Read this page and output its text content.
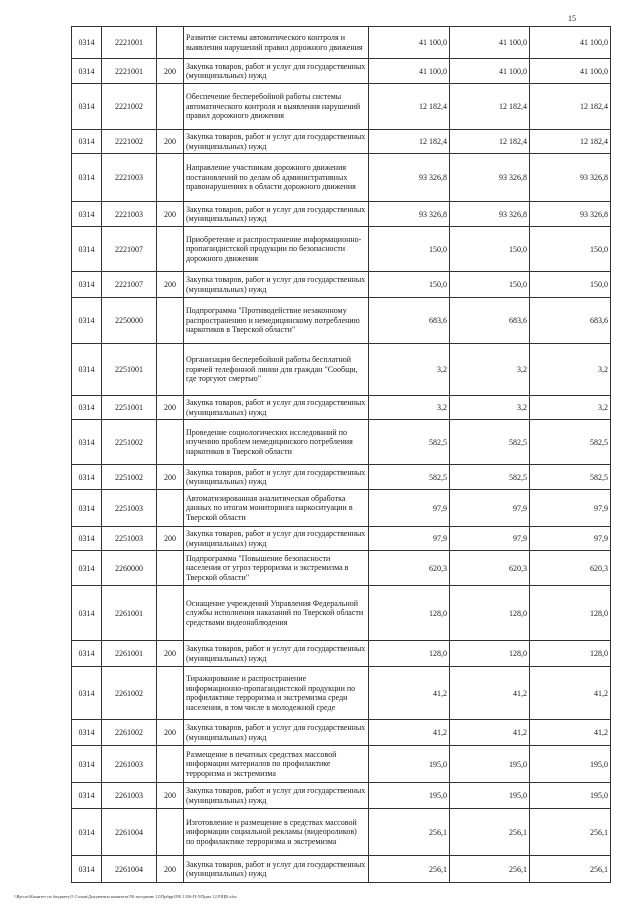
15
0314	2221001		Развитие системы автоматического контроля и выявления нарушений правил дорожного движения	41 100,0	41 100,0	41 100,0
0314	2221001	200	Закупка товаров, работ и услуг для государственных (муниципальных) нужд	41 100,0	41 100,0	41 100,0
0314	2221002		Обеспечение бесперебойной работы системы автоматического контроля и выявления нарушений правил дорожного движения	12 182,4	12 182,4	12 182,4
0314	2221002	200	Закупка товаров, работ и услуг для государственных (муниципальных) нужд	12 182,4	12 182,4	12 182,4
0314	2221003		Направление участникам дорожного движения постановлений по делам об административных правонарушениях в области дорожного движения	93 326,8	93 326,8	93 326,8
0314	2221003	200	Закупка товаров, работ и услуг для государственных (муниципальных) нужд	93 326,8	93 326,8	93 326,8
0314	2221007		Приобретение и распространение информационно-пропагандистской продукции по безопасности дорожного движения	150,0	150,0	150,0
0314	2221007	200	Закупка товаров, работ и услуг для государственных (муниципальных) нужд	150,0	150,0	150,0
0314	2250000		Подпрограмма "Противодействие незаконному распространению и немедицинскому потреблению наркотиков в Тверской области"	683,6	683,6	683,6
0314	2251001		Организация бесперебойной работы бесплатной горячей телефонной линии для граждан "Сообщи, где торгуют смертью"	3,2	3,2	3,2
0314	2251001	200	Закупка товаров, работ и услуг для государственных (муниципальных) нужд	3,2	3,2	3,2
0314	2251002		Проведение социологических исследований по изучению проблем немедицинского потребления наркотиков в Тверской области	582,5	582,5	582,5
0314	2251002	200	Закупка товаров, работ и услуг для государственных (муниципальных) нужд	582,5	582,5	582,5
0314	2251003		Автоматизированная аналитическая обработка данных по итогам мониторинга наркоситуации в Тверской области	97,9	97,9	97,9
0314	2251003	200	Закупка товаров, работ и услуг для государственных (муниципальных) нужд	97,9	97,9	97,9
0314	2260000		Подпрограмма "Повышение безопасности населения от угроз терроризма и экстремизма в Тверской области"	620,3	620,3	620,3
0314	2261001		Оснащение учреждений Управления Федеральной службы исполнения наказаний по Тверской области средствами видеонаблюдения	128,0	128,0	128,0
0314	2261001	200	Закупка товаров, работ и услуг для государственных (муниципальных) нужд	128,0	128,0	128,0
0314	2261002		Тиражирование и распространение информационно-пропагандистской продукции по профилактике терроризма и экстремизма среди населения, в том числе в молодежной среде	41,2	41,2	41,2
0314	2261002	200	Закупка товаров, работ и услуг для государственных (муниципальных) нужд	41,2	41,2	41,2
0314	2261003		Размещение в печатных средствах массовой информации материалов по профилактике терроризма и экстремизма	195,0	195,0	195,0
0314	2261003	200	Закупка товаров, работ и услуг для государственных (муниципальных) нужд	195,0	195,0	195,0
0314	2261004		Изготовление и размещение в средствах массовой информации социальной рекламы (видеороликов) по профилактике терроризма и экстремизма	256,1	256,1	256,1
0314	2261004	200	Закупка товаров, работ и услуг для государственных (муниципальных) нужд	256,1	256,1	256,1
\\Bp-ozt\Комитет по бюджету\5 Созыв\Документы комитета\50 заседание 12\Прбрр\050 1336-П-5\Прил 12.РЩВ.xlsx
